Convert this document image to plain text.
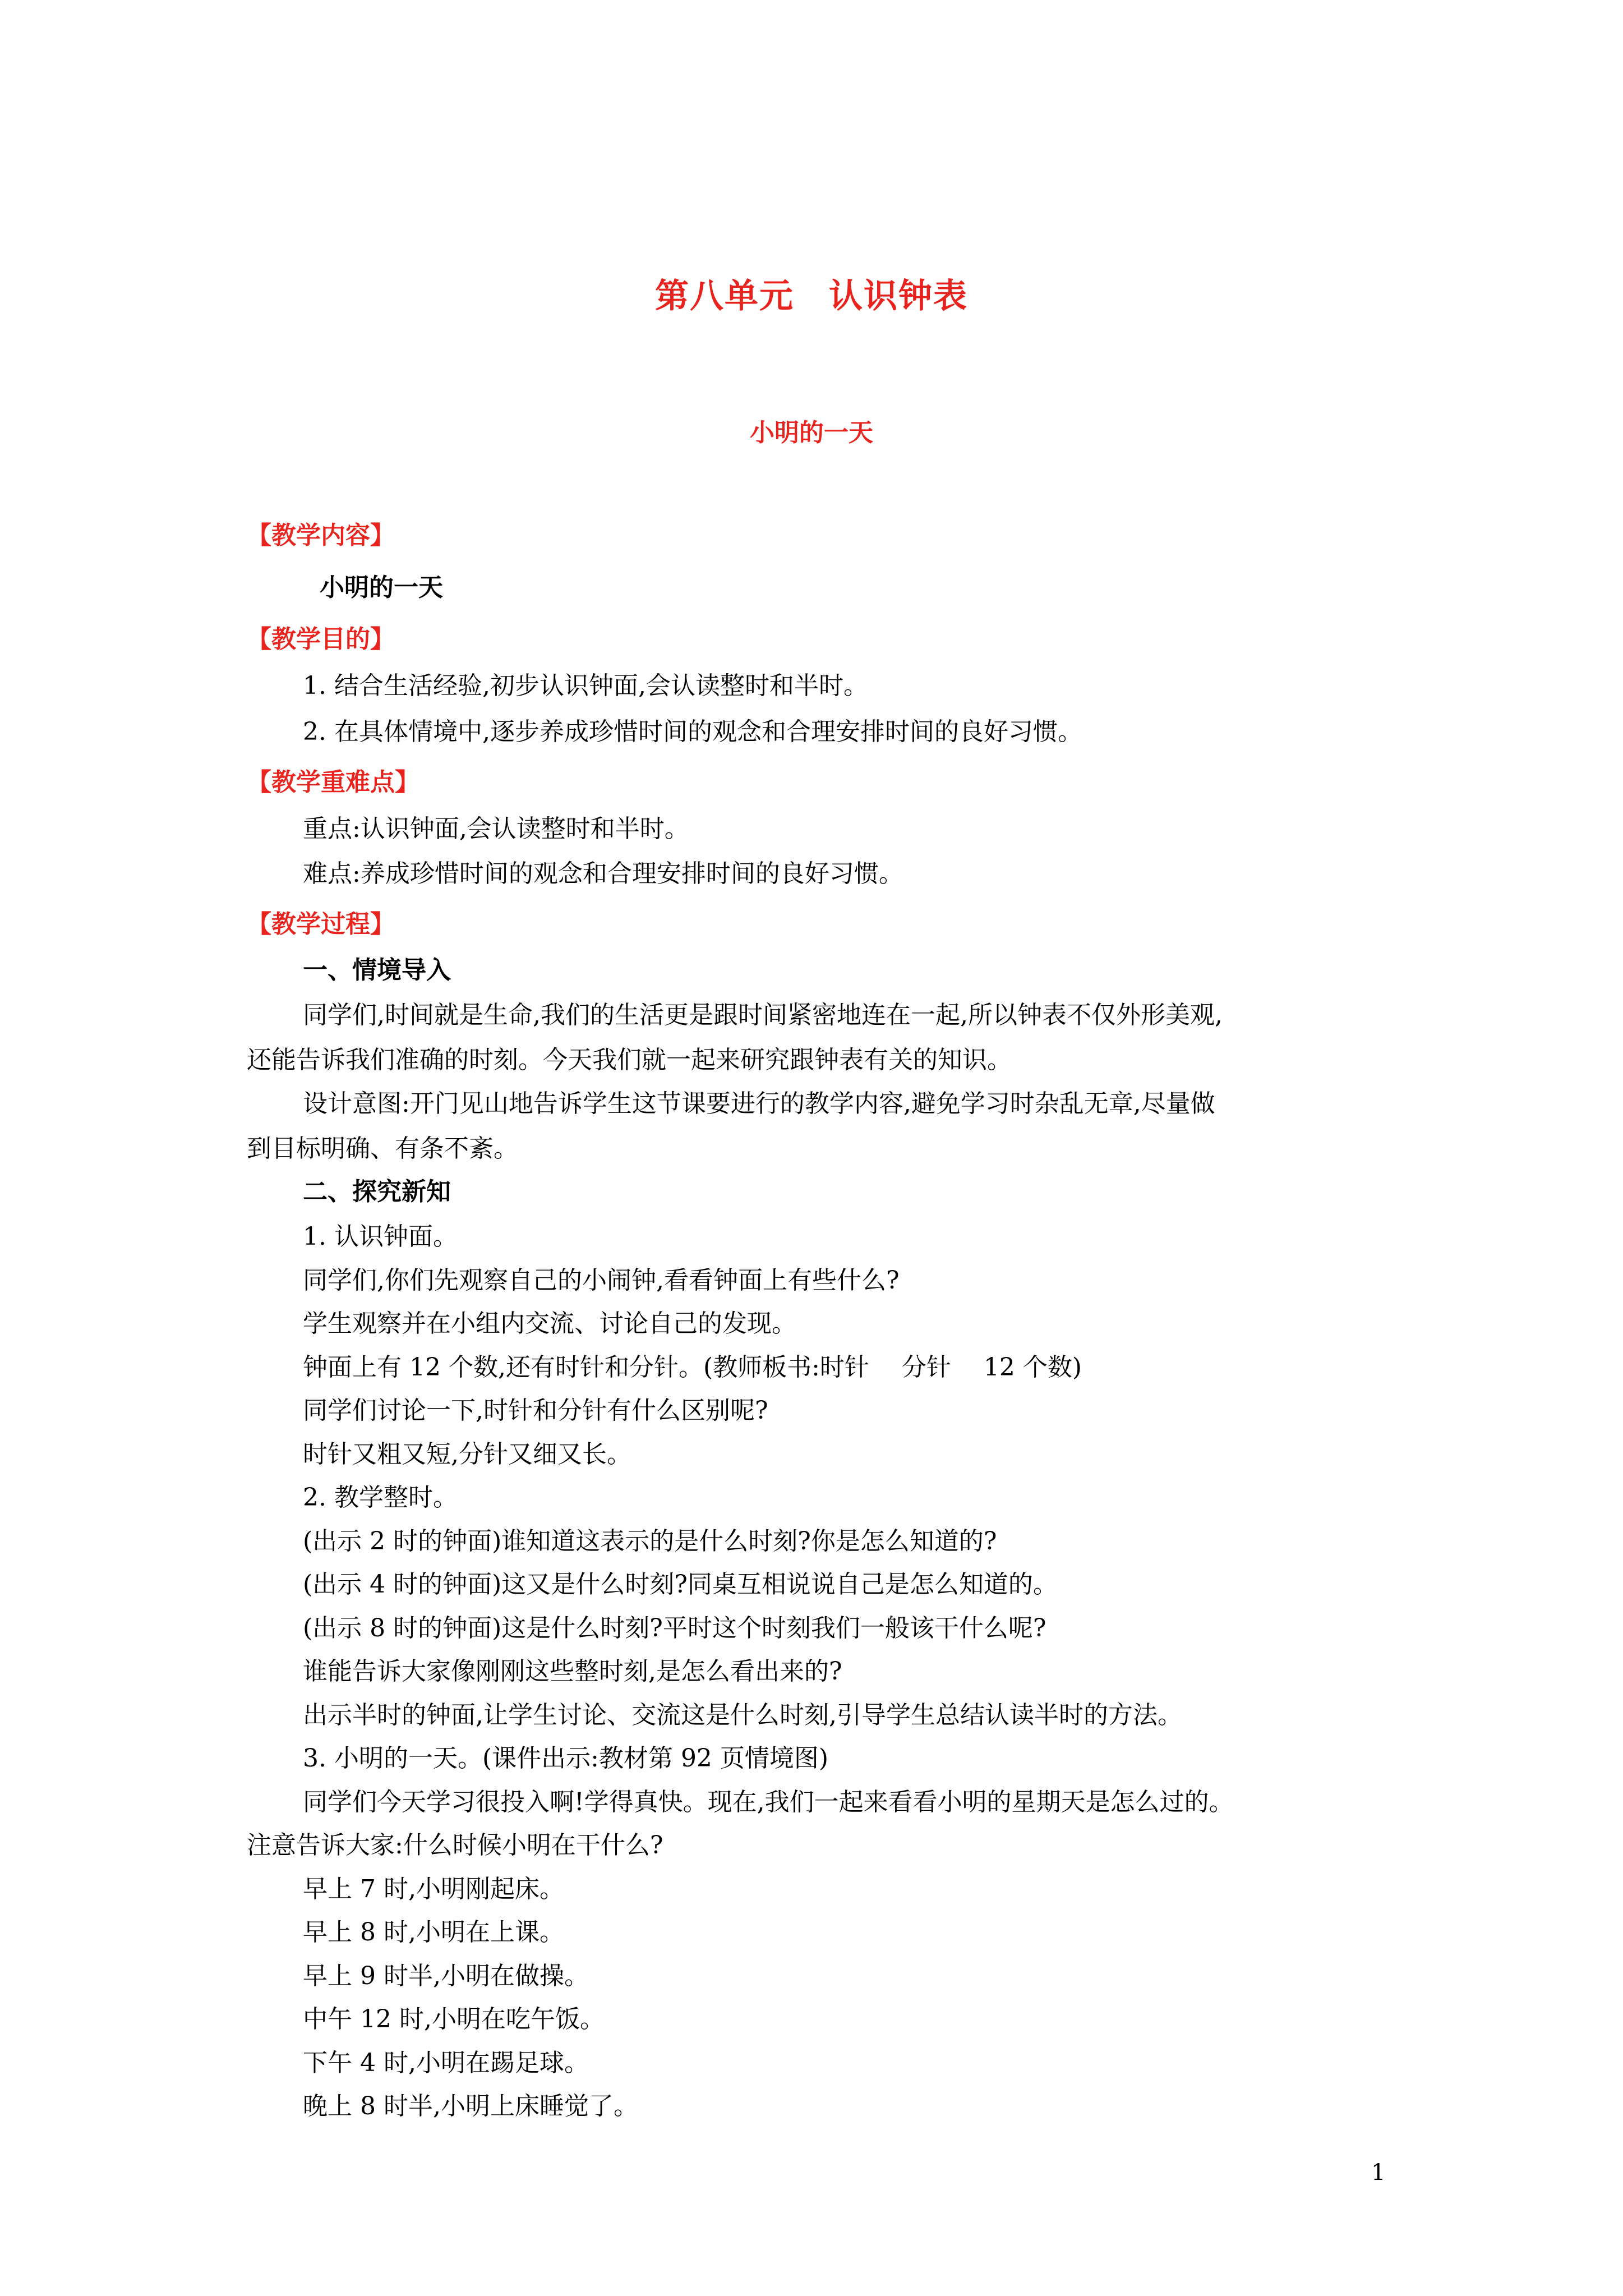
第八单元　认识钟表
小明的一天

【教学内容】

小明的一天

【教学目的】

1. 结合生活经验,初步认识钟面,会认读整时和半时。

2. 在具体情境中,逐步养成珍惜时间的观念和合理安排时间的良好习惯。

【教学重难点】

重点:认识钟面,会认读整时和半时。

难点:养成珍惜时间的观念和合理安排时间的良好习惯。

【教学过程】

一、情境导入

同学们,时间就是生命,我们的生活更是跟时间紧密地连在一起,所以钟表不仅外形美观,

还能告诉我们准确的时刻。今天我们就一起来研究跟钟表有关的知识。

设计意图:开门见山地告诉学生这节课要进行的教学内容,避免学习时杂乱无章,尽量做

到目标明确、有条不紊。

二、探究新知

1. 认识钟面。

同学们,你们先观察自己的小闹钟,看看钟面上有些什么?

学生观察并在小组内交流、讨论自己的发现。

钟面上有 12 个数,还有时针和分针。(教师板书:时针　 分针　 12 个数)

同学们讨论一下,时针和分针有什么区别呢?

时针又粗又短,分针又细又长。

2. 教学整时。

(出示 2 时的钟面)谁知道这表示的是什么时刻?你是怎么知道的?

(出示 4 时的钟面)这又是什么时刻?同桌互相说说自己是怎么知道的。

(出示 8 时的钟面)这是什么时刻?平时这个时刻我们一般该干什么呢?

谁能告诉大家像刚刚这些整时刻,是怎么看出来的?

出示半时的钟面,让学生讨论、交流这是什么时刻,引导学生总结认读半时的方法。

3. 小明的一天。(课件出示:教材第 92 页情境图)

同学们今天学习很投入啊!学得真快。现在,我们一起来看看小明的星期天是怎么过的。

注意告诉大家:什么时候小明在干什么?

早上 7 时,小明刚起床。

早上 8 时,小明在上课。

早上 9 时半,小明在做操。

中午 12 时,小明在吃午饭。

下午 4 时,小明在踢足球。

晚上 8 时半,小明上床睡觉了。

1
